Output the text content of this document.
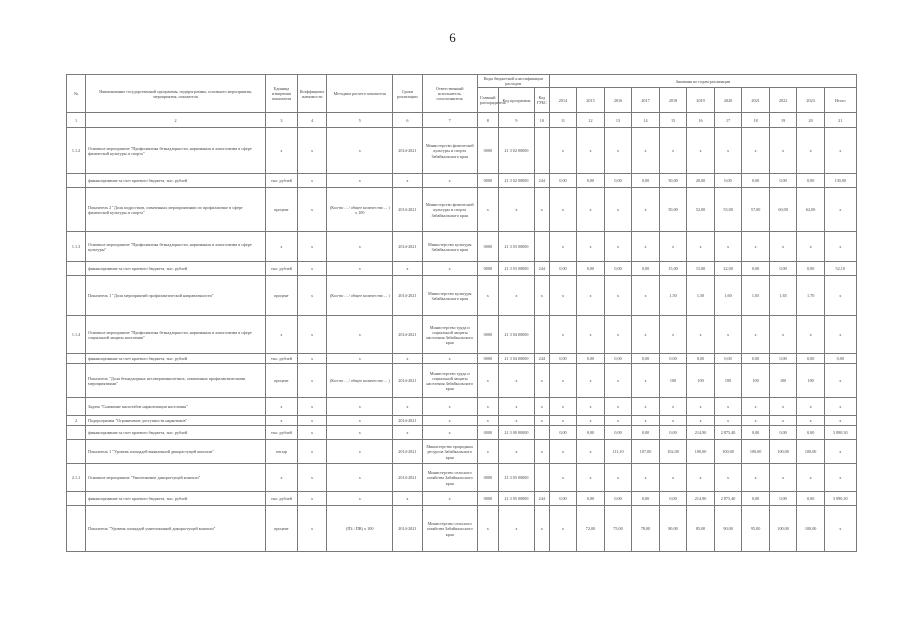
6
№	Наименование государственной программы, подпрограммы, основного мероприятия, мероприятия, показателя	Единица измерения показателя	Коэффициент значимости	Методика расчета показателя	Сроки реализации	Ответственный исполнитель, соисполнитель	Коды бюджетной классификации расходов			Значения по годам реализации											
							Главный распорядитель	Код программы	Код ГРБС	2014	2015	2016	2017	2018	2019	2020	2021	2022	2023	Итого	
1	2	3	4	5	6	7	8	9	10	11	12	13	14	15	16	17	18	19	20	21	
1.1.2	Основное мероприятие "Профилактика безнадзорности, наркомании и алкоголизма в сфере физической культуры и спорта"	x	x	x	2014-2021	Министерство физической культуры и спорта Забайкальского края	0000	21 3 02 00000		x	x	x	x	x	x	x	x	x	x	x	
	финансирование за счет краевого бюджета, тыс. рублей	тыс. рублей	x	x	x	x	0000	21 3 02 00000	244	0,00	0,00	0,00	0,00	50,00	20,00	0,00	0,00	0,00	0,00	130,00	
	Показатель 2 "Доля подростков, охваченных мероприятиями по профилактике в сфере физической культуры и спорта"	процент	x	(Кол-во ... / общее количество ... ) x 100	2014-2021	Министерство физической культуры и спорта Забайкальского края	x	x	x	x	x	x	x	50,00	52,00	55,00	57,00	60,00	62,00	x	
1.1.3	Основное мероприятие "Профилактика безнадзорности, наркомании и алкоголизма в сфере культуры"	x	x	x	2014-2021	Министерство культуры Забайкальского края	0000	21 3 03 00000		x	x	x	x	x	x	x	x	x	x	x	
	финансирование за счет краевого бюджета, тыс. рублей	тыс. рублей	x	x	x	x	0000	21 3 03 00000	244	0,00	0,00	0,00	0,00	15,00	15,00	22,00	0,00	0,00	0,00	52,10	
	Показатель 1 "Доля мероприятий профилактической направленности"	процент	x	(Кол-во ... / общее количество ... )	2014-2021	Министерство культуры Забайкальского края	x	x	x	x	x	x	x	1,50	1,50	1,60	1,65	1,65	1,70	x	
1.1.4	Основное мероприятие "Профилактика безнадзорности, наркомании и алкоголизма в сфере социальной защиты населения"	x	x	x	2014-2021	Министерство труда и социальной защиты населения Забайкальского края	0000	21 3 04 00000		x	x	x	x	x	x	x	x	x	x	x	
	финансирование за счет краевого бюджета, тыс. рублей	тыс. рублей	x	x	x	x	0000	21 3 04 00000	244	0,00	0,00	0,00	0,00	0,00	0,00	0,00	0,00	0,00	0,00	0,00	
	Показатель "Доля безнадзорных несовершеннолетних, охваченных профилактическими мероприятиями"	процент	x	(Кол-во ... / общее количество ... )	2014-2021	Министерство труда и социальной защиты населения Забайкальского края	x	x	x	x	x	x	x	100	100	100	100	100	100	x	
	Задача "Снижение масштабов наркотизации населения"	x	x	x	x	x	x	x	x	x	x	x	x	x	x	x	x	x	x	x	
2	Подпрограмма "Ограничение доступности наркотиков"	x	x	x	2014-2021	x	x	x	x	x	x	x	x	x	x	x	x	x	x	x	
	финансирование за счет краевого бюджета, тыс. рублей	тыс. рублей	x	x	x	x	0000	21 3 00 00000		0,00	0,00	0,00	0,00	0,00	214,90	2 875,40	0,00	0,00	0,00	3 090,30	
	Показатель 1 "Уровень площадей выявленной дикорастущей конопли"	гектар	x	x	2014-2021	Министерство природных ресурсов Забайкальского края	x	x	x	x	x	111,10	107,00	102,00	100,00	100,00	100,00	100,00	100,00	x	
2.1.1	Основное мероприятие "Уничтожение дикорастущей конопли"	x	x	x	2014-2021	Министерство сельского хозяйства Забайкальского края	0000	21 3 05 00000		x	x	x	x	x	x	x	x	x	x	x	
	финансирование за счет краевого бюджета, тыс. рублей	тыс. рублей	x	x	x	x	0000	21 3 05 00000	244	0,00	0,00	0,00	0,00	0,00	214,90	2 875,40	0,00	0,00	0,00	3 090,30	
	Показатель "Уровень площадей уничтоженной дикорастущей конопли"	процент	x	(ПЗ / ПВ) x 100	2014-2021	Министерство сельского хозяйства Забайкальского края	x	x	x	x	72,00	75,00	78,00	80,00	85,00	90,00	95,00	100,00	100,00	x	
